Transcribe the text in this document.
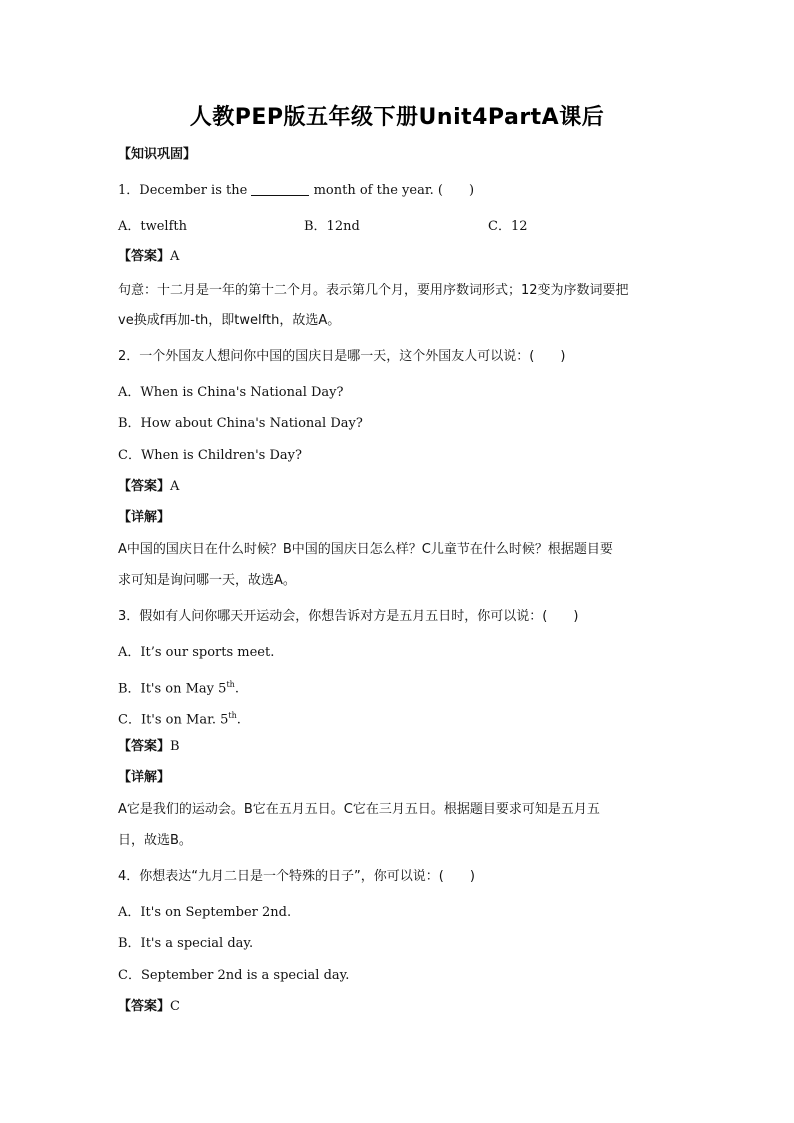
人教PEP版五年级下册Unit4PartA课后
【知识巩固】
1．December is the	month of the year. (　　)
A．twelfth	B．12nd	C．12
【答案】A
句意：十二月是一年的第十二个月。表示第几个月，要用序数词形式；12变为序数词要把
ve换成f再加-th，即twelfth，故选A。
2．一个外国友人想问你中国的国庆日是哪一天，这个外国友人可以说：(　　)
A．When is China's National Day?
B．How about China's National Day?
C．When is Children's Day?
【答案】A
【详解】
A中国的国庆日在什么时候？B中国的国庆日怎么样？C儿童节在什么时候？根据题目要
求可知是询问哪一天，故选A。
3．假如有人问你哪天开运动会，你想告诉对方是五月五日时，你可以说：(　　)
A．It’s our sports meet.
B．It's on May 5th.
C．It's on Mar. 5th.
【答案】B
【详解】
A它是我们的运动会。B它在五月五日。C它在三月五日。根据题目要求可知是五月五
日，故选B。
4．你想表达“九月二日是一个特殊的日子”，你可以说：(　　)
A．It's on September 2nd.
B．It's a special day.
C．September 2nd is a special day.
【答案】C
